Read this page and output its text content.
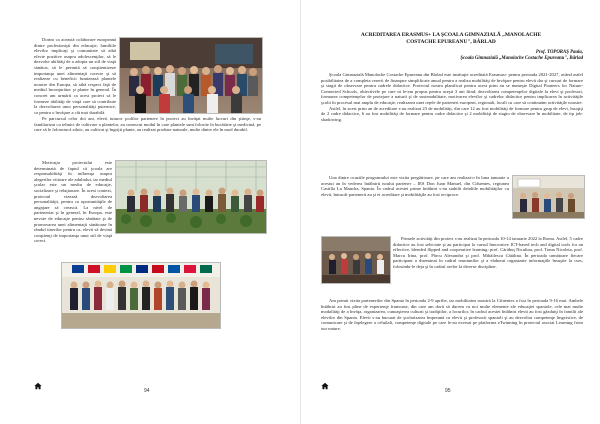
Dorim ca această colaborare europeană dintre profesionişti din educaţie, familiile elevilor implicaţi şi comunitate să aibă efecte pozitive asupra adolescenţilor, să le dezvolte abilităţi de a adopta un stil de viaţă sănătos, să le permită să conştientizeze importanţa unei alimentaţii corecte şi să realizeze cu beneficii fumizează plantele noastre din Europa, să aibă respect faţă de mediul înconjurător şi plante în general. În concret am urmărit ca acest proiect să le formeze abilităţi de viaţă care să contribuie la dezvoltarea unor personalităţi puternice, ca pentru o învăţare a cât mai durabilă.

Pe parcursul celor doi ani, elevii tuturor şcolilor partenere în proiect au învăţat multe lucruri din ştiinţe, s-au familiarizat cu tehnici de cultivare a plantelor, au cunoscut modul în care plantele sunt folosite în bucătărie şi medicină, pe care să le folosească zilnic, au cultivat şi îngrijit plante, au realizat produse naturale, multe dintre ele în mod durabil.

Motivaţia proiectului este determinată de faptul că şcoala are responsabilităţi în influenţa asupra alegerilor viitoare ale adultului, iar mediul şcolar este un mediu de educaţie, socializare şi relaţionare. În acest context, proiectul vizează dezvoltarea personalităţii, pentru ca oportunităţile de angajare să crească. La nivel de parteneriat şi în general, în Europa, este nevoie de educaţie pentru sănătate şi de promovarea unei alimentaţii sănătoase în rândul tinerilor pentru ca, elevii să devină conştienţi de importanţa unui stil de viaţă corect.

94
ACREDITAREA ERASMUS+ LA ŞCOALA GIMNAZIALĂ „MANOLACHE
COSTACHE EPUREANU", BÂRLAD
Prof. TOPORAŞ Paula,
Şcoala Gimnazială „Manolache Costache Epureanu", Bârlad

Şcoala Gimnazială Manolache Costache Epureanu din Bârlad este instituţie acreditată Erasmus+ pentru perioada 2021-2027, având astfel posibilitatea de a completa cererii de finanţare simplificate anual pentru a realiza mobilităţi de învăţare pentru elevii dar şi cursuri de formare şi stagii de observare pentru cadrele didactice. Proiectul nostru planificat pentru acest prim an se numeşte Digital Pioneers for Nature-Connected Schools, obiectivele pe care ni le-am propus pentru aceşti 3 ani fiind: dezvoltarea competenţelor digitale la elevi şi profesori, formarea competenţelor de protejare a naturii şi de sustenabilitate, motivarea elevilor şi cadrelor didactice pentru implicarea în activităţile şcolii în procesul mai amplu de educaţie, realizarea unei reţele de parteneri europeni, regionali, locali cu care să continuăm activităţile noastre.

Astfel, în acest prim an de acreditare s-au realizat 23 de mobilităţi, din care 12 au fost mobilităţi de formare pentru grup de elevi, însoţiţi de 2 cadre didactice, 6 au fost mobilităţi de formare pentru cadre didactice şi 2 mobilităţi de stagiu de observare în mobilitate, de tip job-shadowing.

Una dintre ocaziile programului este vizita pregătitoare, pe care am realizat-o în luna ianuarie a acestui an în vederea întâlnirii noului partener – IES Don Juan Manuel, din Cifuentes, regiunea Castilla La Mancha, Spania. În cadrul acestei prime întâlniri s-au stabilit detaliile mobilităţilor cu elevii, întrucât partenerii au şi ei acreditare şi mobilităţile au fost reciproce.

Primele activităţi din proiect s-au realizat în perioada 10-14 ianuarie 2022 la Roma. Astfel, 5 cadre didactice au fost selectate şi au participat la cursul Innovative ICT-based tech and digital tools for an effective, blended flipped and cooperative learning: prof. Cărăbuţ Niculina, prof. Toma Nicoleta, prof. Marcu Irina, prof. Pârcu Alexandra şi prof. Mihăilescu Cătălina. În perioada următoare fiecare participant a diseminat în cadrul reuniunilor şi a elaborat organizate informaţiile însuşite la curs, folosindu-le deja şi în cadrul orelor la diverse discipline.

Am primit vizita partenerilor din Spania în perioada 2-9 aprilie, iar mobilitatea noastră la Cifuentes a fost în perioada 9-16 mai. Ambele întâlniri au fost pline de experienţe frumoase, din care am dorit să ducem cu noi multe elemente ale educaţiei spaniole, cele mai multe modalităţi de a învăţa, organizarea, cunoaşterea culturii şi tradiţiilor, a locurilor, în cadrul acestei întâlniri elevii au fost găzduiţi în familii ale elevilor din Spania. Elevii s-au bucurat de şcolarizarea împreună cu elevii şi profesorii spanioli şi au dezvoltat competenţe lingvistice, de comunicare şi de înţelegere a celuilalt, competenţe digitale pe care le-au exersat pe platforma eTwinning în proiectul asociat Learning from our nature.

95
